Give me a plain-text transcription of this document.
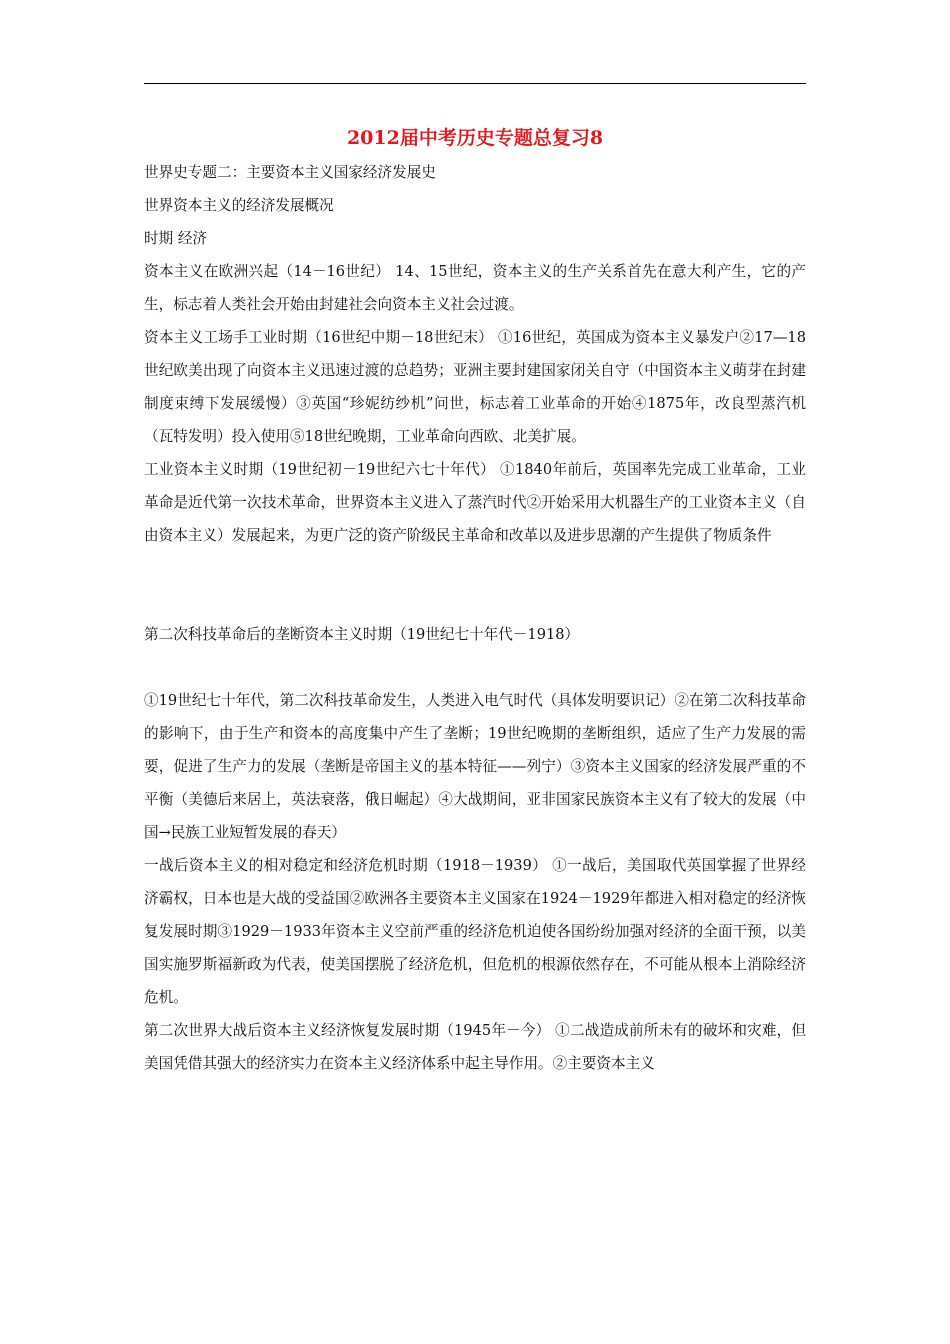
2012届中考历史专题总复习8

世界史专题二：主要资本主义国家经济发展史

世界资本主义的经济发展概况

时期 经济

资本主义在欧洲兴起（14－16世纪） 14、15世纪，资本主义的生产关系首先在意大利产生，它的产生，标志着人类社会开始由封建社会向资本主义社会过渡。

资本主义工场手工业时期（16世纪中期－18世纪末） ①16世纪，英国成为资本主义暴发户②17—18世纪欧美出现了向资本主义迅速过渡的总趋势；亚洲主要封建国家闭关自守（中国资本主义萌芽在封建制度束缚下发展缓慢）③英国“珍妮纺纱机”问世，标志着工业革命的开始④1875年，改良型蒸汽机（瓦特发明）投入使用⑤18世纪晚期，工业革命向西欧、北美扩展。

工业资本主义时期（19世纪初－19世纪六七十年代） ①1840年前后，英国率先完成工业革命，工业革命是近代第一次技术革命，世界资本主义进入了蒸汽时代②开始采用大机器生产的工业资本主义（自由资本主义）发展起来，为更广泛的资产阶级民主革命和改革以及进步思潮的产生提供了物质条件

第二次科技革命后的垄断资本主义时期（19世纪七十年代－1918）

①19世纪七十年代，第二次科技革命发生，人类进入电气时代（具体发明要识记）②在第二次科技革命的影响下，由于生产和资本的高度集中产生了垄断；19世纪晚期的垄断组织，适应了生产力发展的需要，促进了生产力的发展（垄断是帝国主义的基本特征——列宁）③资本主义国家的经济发展严重的不平衡（美德后来居上，英法衰落，俄日崛起）④大战期间，亚非国家民族资本主义有了较大的发展（中国→民族工业短暂发展的春天）

一战后资本主义的相对稳定和经济危机时期（1918－1939） ①一战后，美国取代英国掌握了世界经济霸权，日本也是大战的受益国②欧洲各主要资本主义国家在1924－1929年都进入相对稳定的经济恢复发展时期③1929－1933年资本主义空前严重的经济危机迫使各国纷纷加强对经济的全面干预，以美国实施罗斯福新政为代表，使美国摆脱了经济危机，但危机的根源依然存在，不可能从根本上消除经济危机。

第二次世界大战后资本主义经济恢复发展时期（1945年－今） ①二战造成前所未有的破坏和灾难，但美国凭借其强大的经济实力在资本主义经济体系中起主导作用。②主要资本主义
